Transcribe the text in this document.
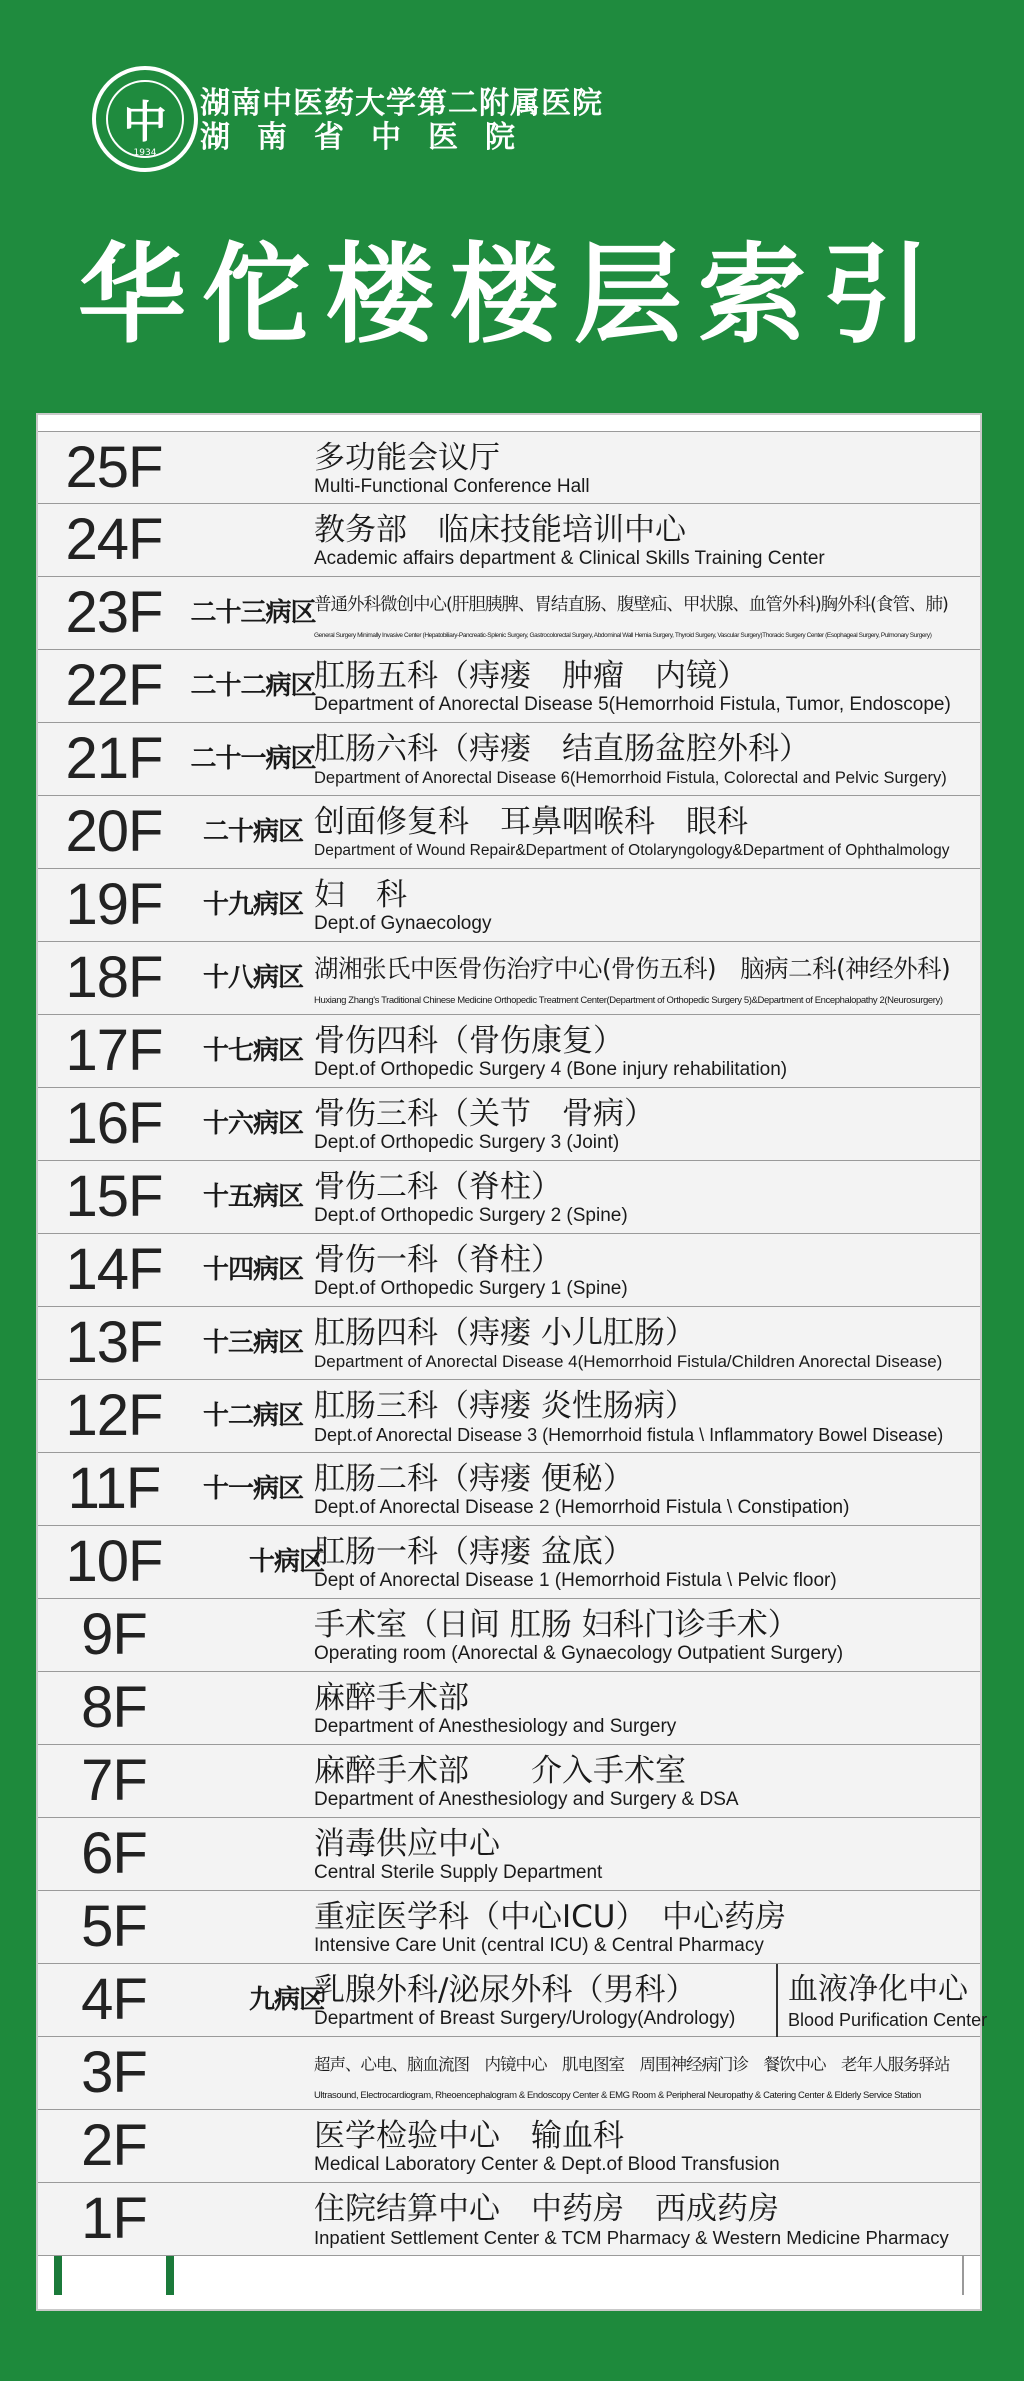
中
1934
湖南中医药大学第二附属医院
湖南省中医院
华佗楼楼层索引
25F	多功能会议厅
Multi-Functional Conference Hall
24F	教务部　临床技能培训中心
Academic affairs department & Clinical Skills Training Center
23F	二十三病区
普通外科微创中心(肝胆胰脾、胃结直肠、腹壁疝、甲状腺、血管外科)胸外科(食管、肺)
General Surgery Minimally Invasive Center (Hepatobiliary-Pancreatic-Splenic Surgery, Gastrocolorectal Surgery, Abdominal Wall Hernia Surgery, Thyroid Surgery, Vascular Surgery)Thoracic Surgery Center (Esophageal Surgery, Pulmonary Surgery)
22F	二十二病区
肛肠五科（痔瘘　肿瘤　内镜）
Department of Anorectal Disease 5(Hemorrhoid Fistula, Tumor, Endoscope)
21F	二十一病区
肛肠六科（痔瘘　结直肠盆腔外科）
Department of Anorectal Disease 6(Hemorrhoid Fistula, Colorectal and Pelvic Surgery)
20F	二十病区 创面修复科　耳鼻咽喉科　眼科
Department of Wound Repair&Department of Otolaryngology&Department of Ophthalmology
19F	十九病区 妇　科
Dept.of Gynaecology
18F	十八病区 湖湘张氏中医骨伤治疗中心(骨伤五科)　脑病二科(神经外科)
Huxiang Zhang's Traditional Chinese Medicine Orthopedic Treatment Center(Department of Orthopedic Surgery 5)&Department of Encephalopathy 2(Neurosurgery)
17F	十七病区 骨伤四科（骨伤康复）
Dept.of Orthopedic Surgery 4 (Bone injury rehabilitation)
16F	十六病区 骨伤三科（关节　骨病）
Dept.of Orthopedic Surgery 3 (Joint)
15F	十五病区 骨伤二科（脊柱）
Dept.of Orthopedic Surgery 2 (Spine)
14F	十四病区 骨伤一科（脊柱）
Dept.of Orthopedic Surgery 1 (Spine)
13F	十三病区 肛肠四科（痔瘘 小儿肛肠）
Department of Anorectal Disease 4(Hemorrhoid Fistula/Children Anorectal Disease)
12F	十二病区 肛肠三科（痔瘘 炎性肠病）
Dept.of Anorectal Disease 3 (Hemorrhoid fistula \ Inflammatory Bowel Disease)
11F	十一病区 肛肠二科（痔瘘 便秘）
Dept.of Anorectal Disease 2 (Hemorrhoid Fistula \ Constipation)
10F	十病区
肛肠一科（痔瘘 盆底）
Dept of Anorectal Disease 1 (Hemorrhoid Fistula \ Pelvic floor)
9F	手术室（日间 肛肠 妇科门诊手术）
Operating room (Anorectal & Gynaecology Outpatient Surgery)
8F	麻醉手术部
Department of Anesthesiology and Surgery
7F	麻醉手术部　　介入手术室
Department of Anesthesiology and Surgery & DSA
6F	消毒供应中心
Central Sterile Supply Department
5F	重症医学科（中心ICU）　中心药房
Intensive Care Unit (central ICU) & Central Pharmacy
4F	九病区
乳腺外科/泌尿外科（男科）
Department of Breast Surgery/Urology(Andrology)
血液净化中心
Blood Purification Center
3F	超声、心电、脑血流图　内镜中心　肌电图室　周围神经病门诊　餐饮中心　老年人服务驿站
Ultrasound, Electrocardiogram, Rheoencephalogram & Endoscopy Center & EMG Room & Peripheral Neuropathy & Catering Center & Elderly Service Station
2F	医学检验中心　输血科
Medical Laboratory Center & Dept.of Blood Transfusion
1F	住院结算中心　中药房　西成药房
Inpatient Settlement Center & TCM Pharmacy & Western Medicine Pharmacy
